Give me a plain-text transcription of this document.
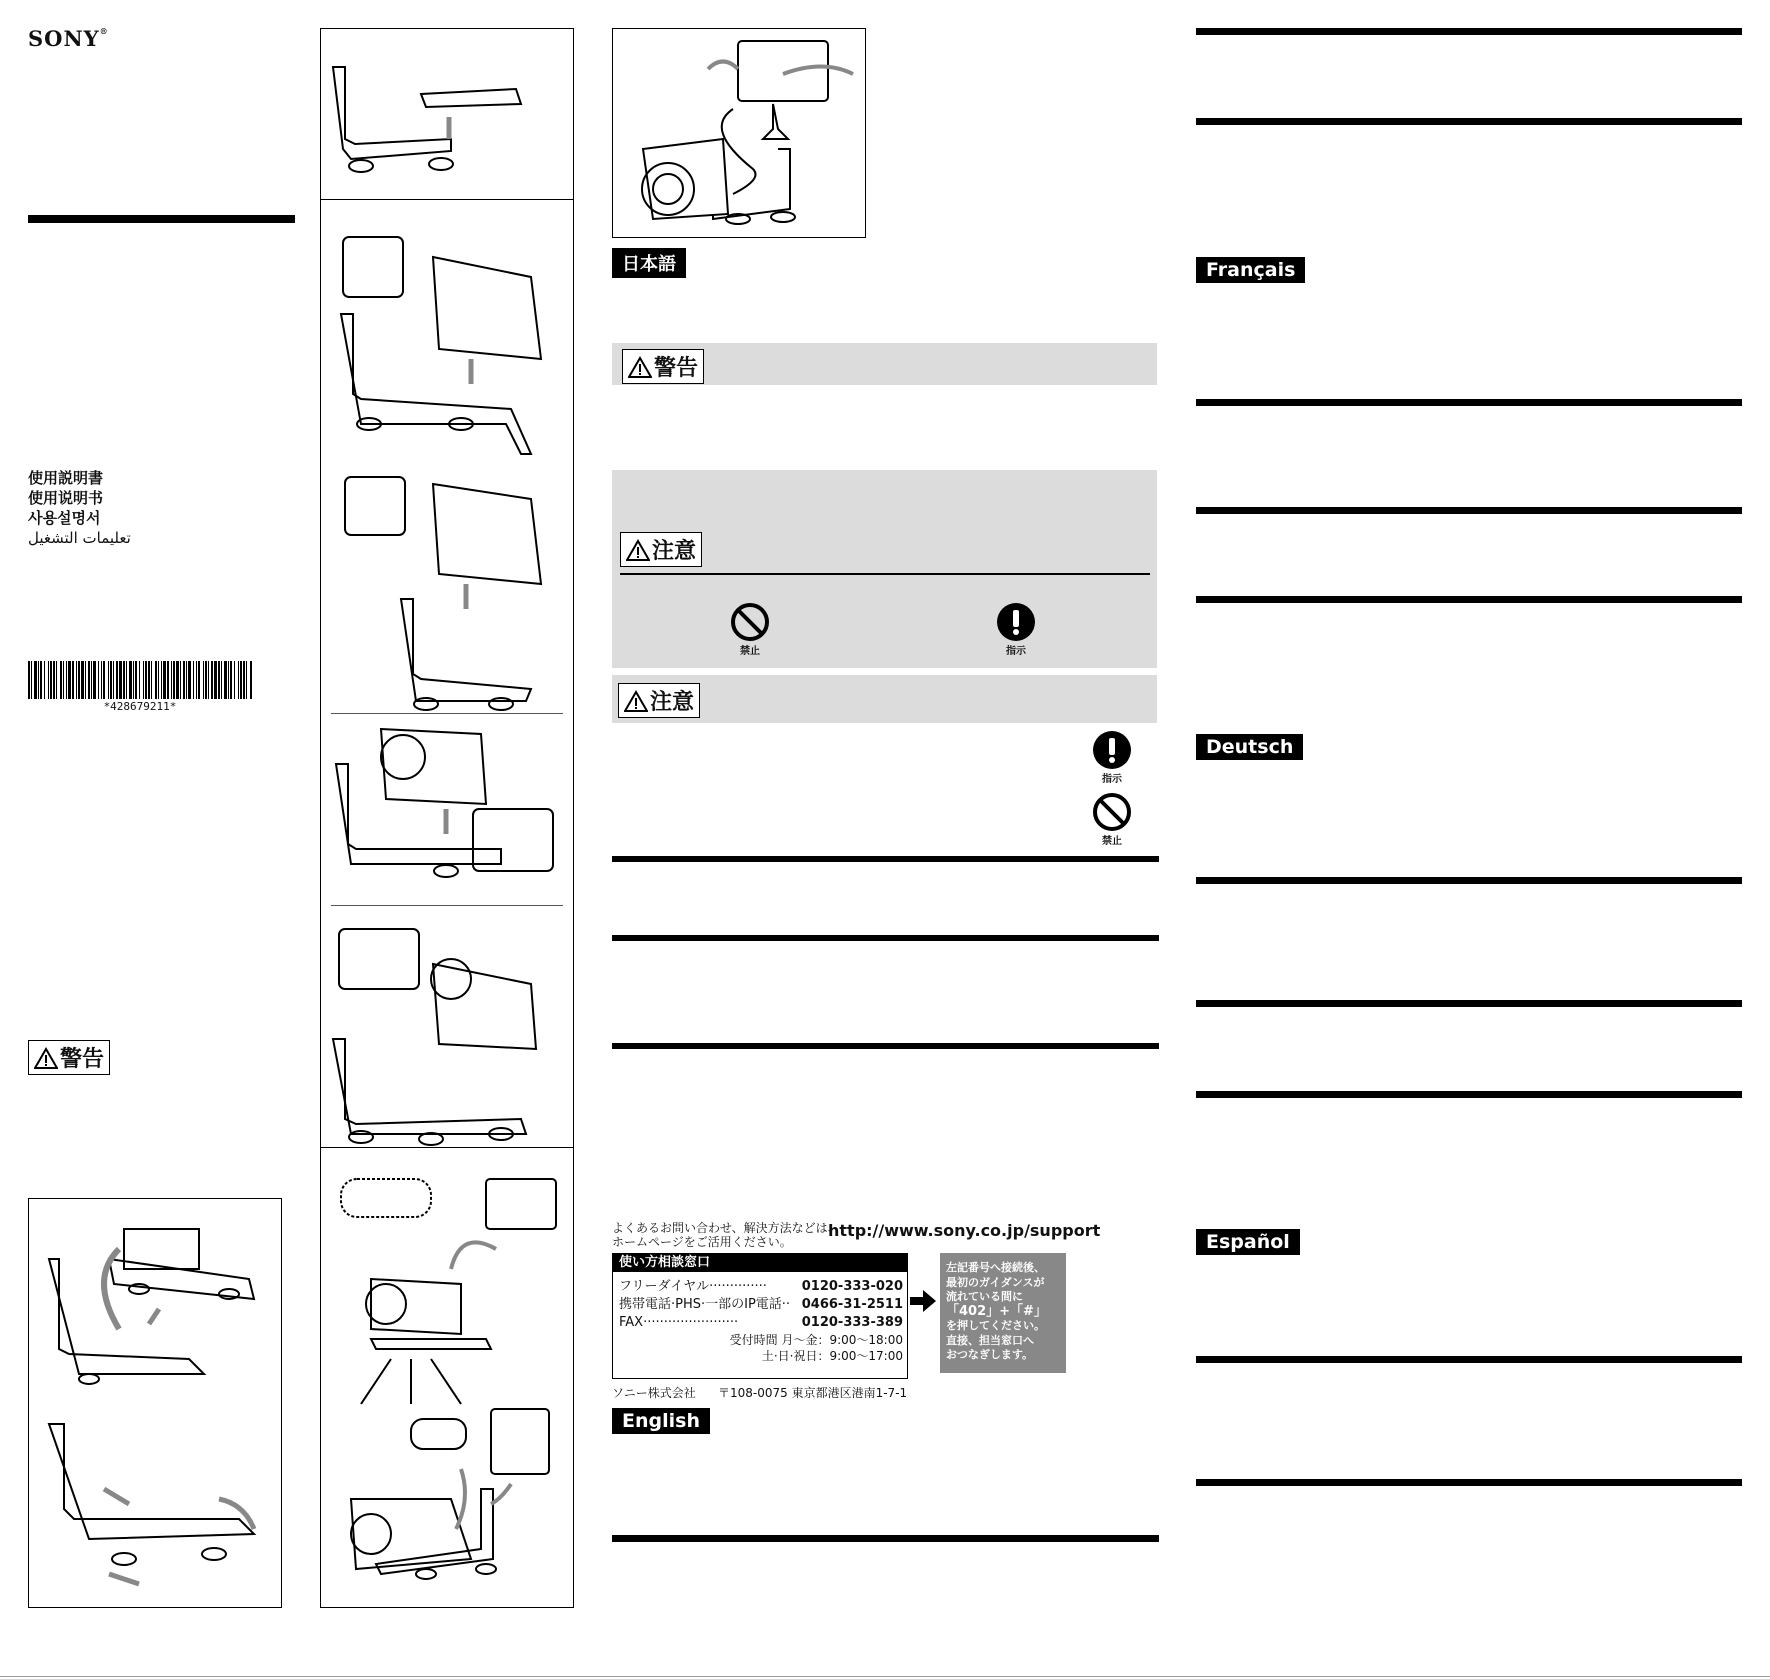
SONY®
使用説明書
使用说明书
사용설명서
تعليمات التشغيل
*428679211*
警告
日本語
警告
注意
禁止	指示
注意
指示
禁止
よくあるお問い合わせ、解決方法などは、
ホームページをご活用ください。
http://www.sony.co.jp/support
使い方相談窓口
フリーダイヤル··············	0120-333-020
携帯電話·PHS·一部のIP電話·· 0466-31-2511
FAX·······················	0120-333-389
受付時間 月〜金：9:00〜18:00
土·日·祝日：9:00〜17:00
左記番号へ接続後、
最初のガイダンスが
流れている間に
「402」+「#」
を押してください。
直接、担当窓口へ
おつなぎします。
ソニー株式会社 〒108-0075 東京都港区港南1-7-1
English
Français
Deutsch
Español
